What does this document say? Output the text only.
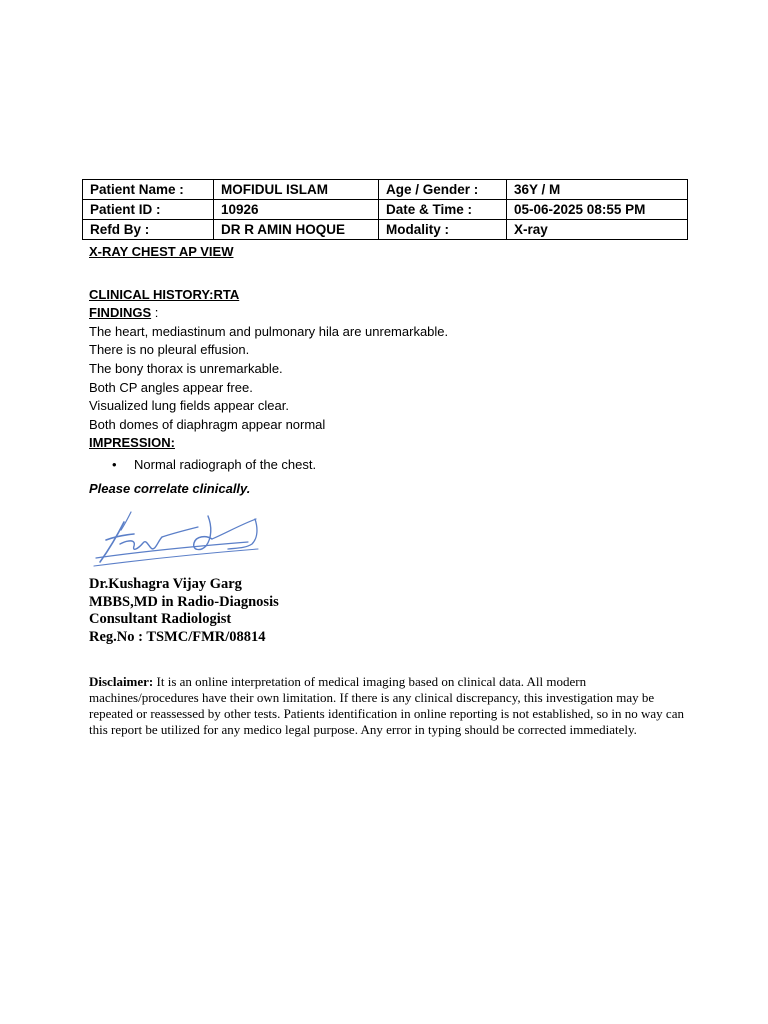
Patient Name :	MOFIDUL ISLAM	Age / Gender :	36Y / M
Patient ID :	10926	Date & Time :	05-06-2025 08:55 PM
Refd By :	DR R AMIN HOQUE	Modality :	X-ray

X-RAY CHEST AP VIEW

CLINICAL HISTORY:RTA

FINDINGS :

The heart, mediastinum and pulmonary hila are unremarkable.

There is no pleural effusion.

The bony thorax is unremarkable.

Both CP angles appear free.

Visualized lung fields appear clear.

Both domes of diaphragm appear normal

IMPRESSION:

• Normal radiograph of the chest.

Please correlate clinically.

Dr.Kushagra Vijay Garg

MBBS,MD in Radio-Diagnosis

Consultant Radiologist

Reg.No : TSMC/FMR/08814

Disclaimer: It is an online interpretation of medical imaging based on clinical data. All modern machines/procedures have their own limitation. If there is any clinical discrepancy, this investigation may be repeated or reassessed by other tests. Patients identification in online reporting is not established, so in no way can this report be utilized for any medico legal purpose. Any error in typing should be corrected immediately.
